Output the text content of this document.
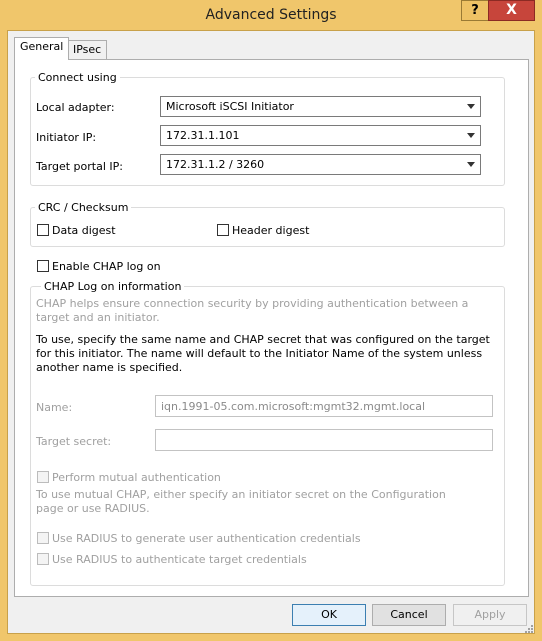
Advanced Settings	?	X
General IPsec
Connect using
Local adapter:	Microsoft iSCSI Initiator
Initiator IP:	172.31.1.101
Target portal IP:	172.31.1.2 / 3260
CRC / Checksum
Data digest	Header digest
Enable CHAP log on
CHAP Log on information
CHAP helps ensure connection security by providing authentication between a target and an initiator.
To use, specify the same name and CHAP secret that was configured on the target for this initiator. The name will default to the Initiator Name of the system unless another name is specified.
Name:	iqn.1991-05.com.microsoft:mgmt32.mgmt.local
Target secret:
Perform mutual authentication
To use mutual CHAP, either specify an initiator secret on the Configuration page or use RADIUS.
Use RADIUS to generate user authentication credentials
Use RADIUS to authenticate target credentials
OK	Cancel	Apply
